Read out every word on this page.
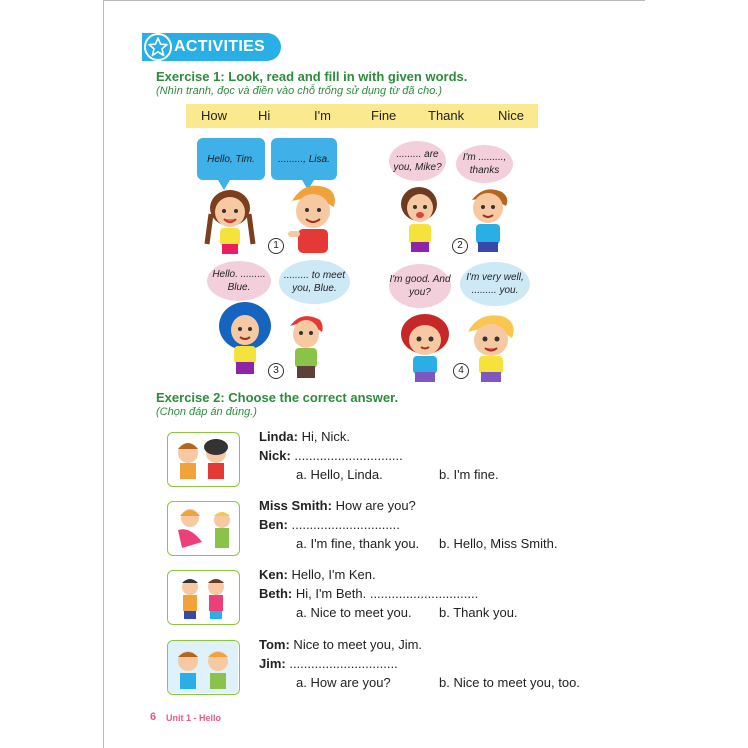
ACTIVITIES
Exercise 1: Look, read and fill in with given words.
(Nhìn tranh, đọc và điền vào chỗ trống sử dụng từ đã cho.)
How Hi	I'm	Fine Thank	Nice
Hello, Tim.	........., Lisa.
1
......... are you, Mike?
I'm ........., thanks
2
Hello. ......... Blue.
......... to meet you, Blue.
3
I'm good. And you?
I'm very well, ......... you.
4
Exercise 2: Choose the correct answer.
(Chọn đáp án đúng.)
Linda: Hi, Nick.
Nick: ..............................
a. Hello, Linda.	b. I'm fine.
Miss Smith: How are you?
Ben: ..............................
a. I'm fine, thank you. b. Hello, Miss Smith.
Ken: Hello, I'm Ken.
Beth: Hi, I'm Beth. ..............................
a. Nice to meet you. b. Thank you.
Tom: Nice to meet you, Jim.
Jim: ..............................
a. How are you?	b. Nice to meet you, too.
6 Unit 1 - Hello
